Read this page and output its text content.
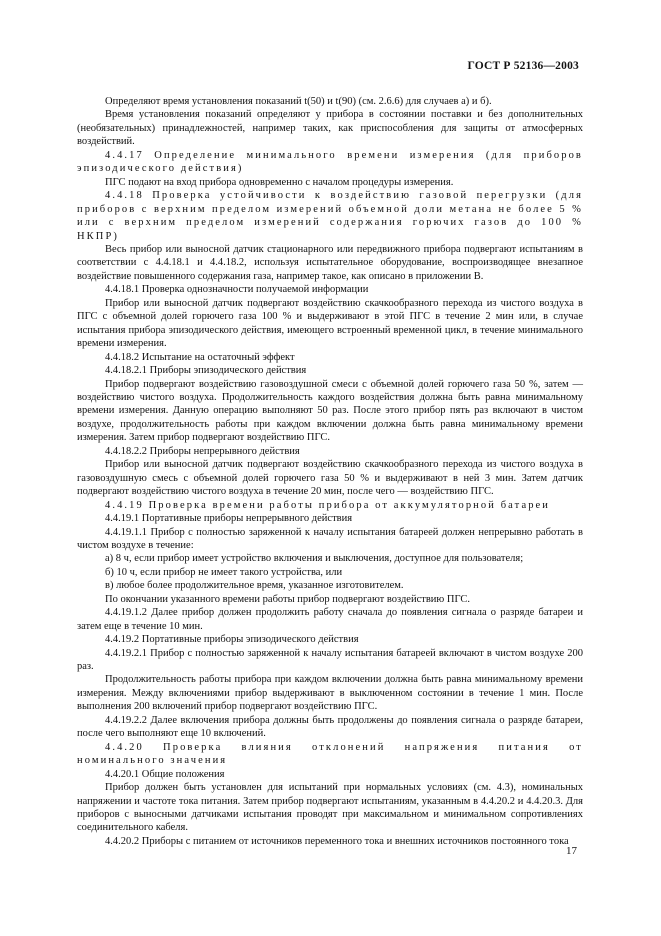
ГОСТ Р 52136—2003

Определяют время установления показаний t(50) и t(90) (см. 2.6.6) для случаев а) и б).

Время установления показаний определяют у прибора в состоянии поставки и без дополнительных (необязательных) принадлежностей, например таких, как приспособления для защиты от атмосферных воздействий.

4.4.17 Определение минимального времени измерения (для приборов эпизодического действия)

ПГС подают на вход прибора одновременно с началом процедуры измерения.

4.4.18 Проверка устойчивости к воздействию газовой перегрузки (для приборов с верхним пределом измерений объемной доли метана не более 5 % или с верхним пределом измерений содержания горючих газов до 100 % НКПР)

Весь прибор или выносной датчик стационарного или передвижного прибора подвергают испытаниям в соответствии с 4.4.18.1 и 4.4.18.2, используя испытательное оборудование, воспроизводящее внезапное воздействие повышенного содержания газа, например такое, как описано в приложении В.

4.4.18.1 Проверка однозначности получаемой информации

Прибор или выносной датчик подвергают воздействию скачкообразного перехода из чистого воздуха в ПГС с объемной долей горючего газа 100 % и выдерживают в этой ПГС в течение 2 мин или, в случае испытания прибора эпизодического действия, имеющего встроенный временной цикл, в течение минимального времени измерения.

4.4.18.2 Испытание на остаточный эффект

4.4.18.2.1 Приборы эпизодического действия

Прибор подвергают воздействию газовоздушной смеси с объемной долей горючего газа 50 %, затем — воздействию чистого воздуха. Продолжительность каждого воздействия должна быть равна минимальному времени измерения. Данную операцию выполняют 50 раз. После этого прибор пять раз включают в чистом воздухе, продолжительность работы при каждом включении должна быть равна минимальному времени измерения. Затем прибор подвергают воздействию ПГС.

4.4.18.2.2 Приборы непрерывного действия

Прибор или выносной датчик подвергают воздействию скачкообразного перехода из чистого воздуха в газовоздушную смесь с объемной долей горючего газа 50 % и выдерживают в ней 3 мин. Затем датчик подвергают воздействию чистого воздуха в течение 20 мин, после чего — воздействию ПГС.

4.4.19 Проверка времени работы прибора от аккумуляторной батареи

4.4.19.1 Портативные приборы непрерывного действия

4.4.19.1.1 Прибор с полностью заряженной к началу испытания батареей должен непрерывно работать в чистом воздухе в течение:

а) 8 ч, если прибор имеет устройство включения и выключения, доступное для пользователя;

б) 10 ч, если прибор не имеет такого устройства, или

в) любое более продолжительное время, указанное изготовителем.

По окончании указанного времени работы прибор подвергают воздействию ПГС.

4.4.19.1.2 Далее прибор должен продолжить работу сначала до появления сигнала о разряде батареи и затем еще в течение 10 мин.

4.4.19.2 Портативные приборы эпизодического действия

4.4.19.2.1 Прибор с полностью заряженной к началу испытания батареей включают в чистом воздухе 200 раз.

Продолжительность работы прибора при каждом включении должна быть равна минимальному времени измерения. Между включениями прибор выдерживают в выключенном состоянии в течение 1 мин. После выполнения 200 включений прибор подвергают воздействию ПГС.

4.4.19.2.2 Далее включения прибора должны быть продолжены до появления сигнала о разряде батареи, после чего выполняют еще 10 включений.

4.4.20 Проверка влияния отклонений напряжения питания от номинального значения

4.4.20.1 Общие положения

Прибор должен быть установлен для испытаний при нормальных условиях (см. 4.3), номинальных напряжении и частоте тока питания. Затем прибор подвергают испытаниям, указанным в 4.4.20.2 и 4.4.20.3. Для приборов с выносными датчиками испытания проводят при максимальном и минимальном сопротивлениях соединительного кабеля.

4.4.20.2 Приборы с питанием от источников переменного тока и внешних источников постоянного тока

17
